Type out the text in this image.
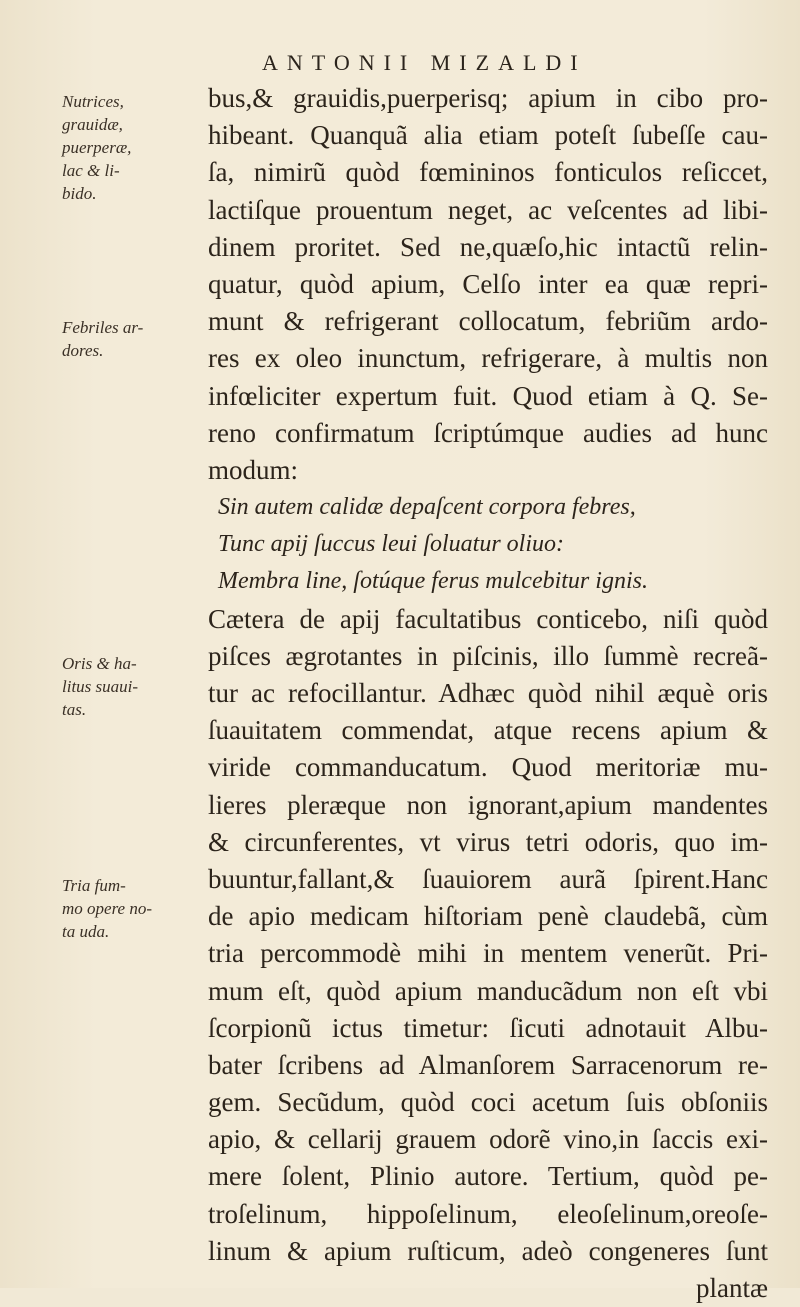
ANTONII MIZALDI
Nutrices,
grauidæ,
puerperæ,
lac & li-
bido.
Febriles ar-
dores.
Oris & ha-
litus suaui-
tas.
Tria fum-
mo opere no-
ta uda.
bus,& grauidis,puerperisq; apium in cibo pro-
hibeant. Quanquã alia etiam poteſt ſubeſſe cau-
ſa, nimirũ quòd fœmininos fonticulos reſiccet,
lactiſque prouentum neget, ac veſcentes ad libi-
dinem proritet. Sed ne,quæſo,hic intactũ relin-
quatur, quòd apium, Celſo inter ea quæ repri-
munt & refrigerant collocatum, febriũm ardo-
res ex oleo inunctum, refrigerare, à multis non
infœliciter expertum fuit. Quod etiam à Q. Se-
reno confirmatum ſcriptúmque audies ad hunc
modum:
Sin autem calidæ depaſcent corpora febres,
Tunc apij ſuccus leui ſoluatur oliuo:
Membra line, ſotúque ferus mulcebitur ignis.
Cætera de apij facultatibus conticebo, niſi quòd
piſces ægrotantes in piſcinis, illo ſummè recreã-
tur ac refocillantur. Adhæc quòd nihil æquè oris
ſuauitatem commendat, atque recens apium &
viride commanducatum. Quod meritoriæ mu-
lieres pleræque non ignorant,apium mandentes
& circunferentes, vt virus tetri odoris, quo im-
buuntur,fallant,& ſuauiorem aurã ſpirent.Hanc
de apio medicam hiſtoriam penè claudebã, cùm
tria percommodè mihi in mentem venerũt. Pri-
mum eſt, quòd apium manducãdum non eſt vbi
ſcorpionũ ictus timetur: ſicuti adnotauit Albu-
bater ſcribens ad Almanſorem Sarracenorum re-
gem. Secũdum, quòd coci acetum ſuis obſoniis
apio, & cellarij grauem odorẽ vino,in ſaccis exi-
mere ſolent, Plinio autore. Tertium, quòd pe-
troſelinum, hippoſelinum, eleoſelinum,oreoſe-
linum & apium ruſticum, adeò congeneres ſunt
plantæ
